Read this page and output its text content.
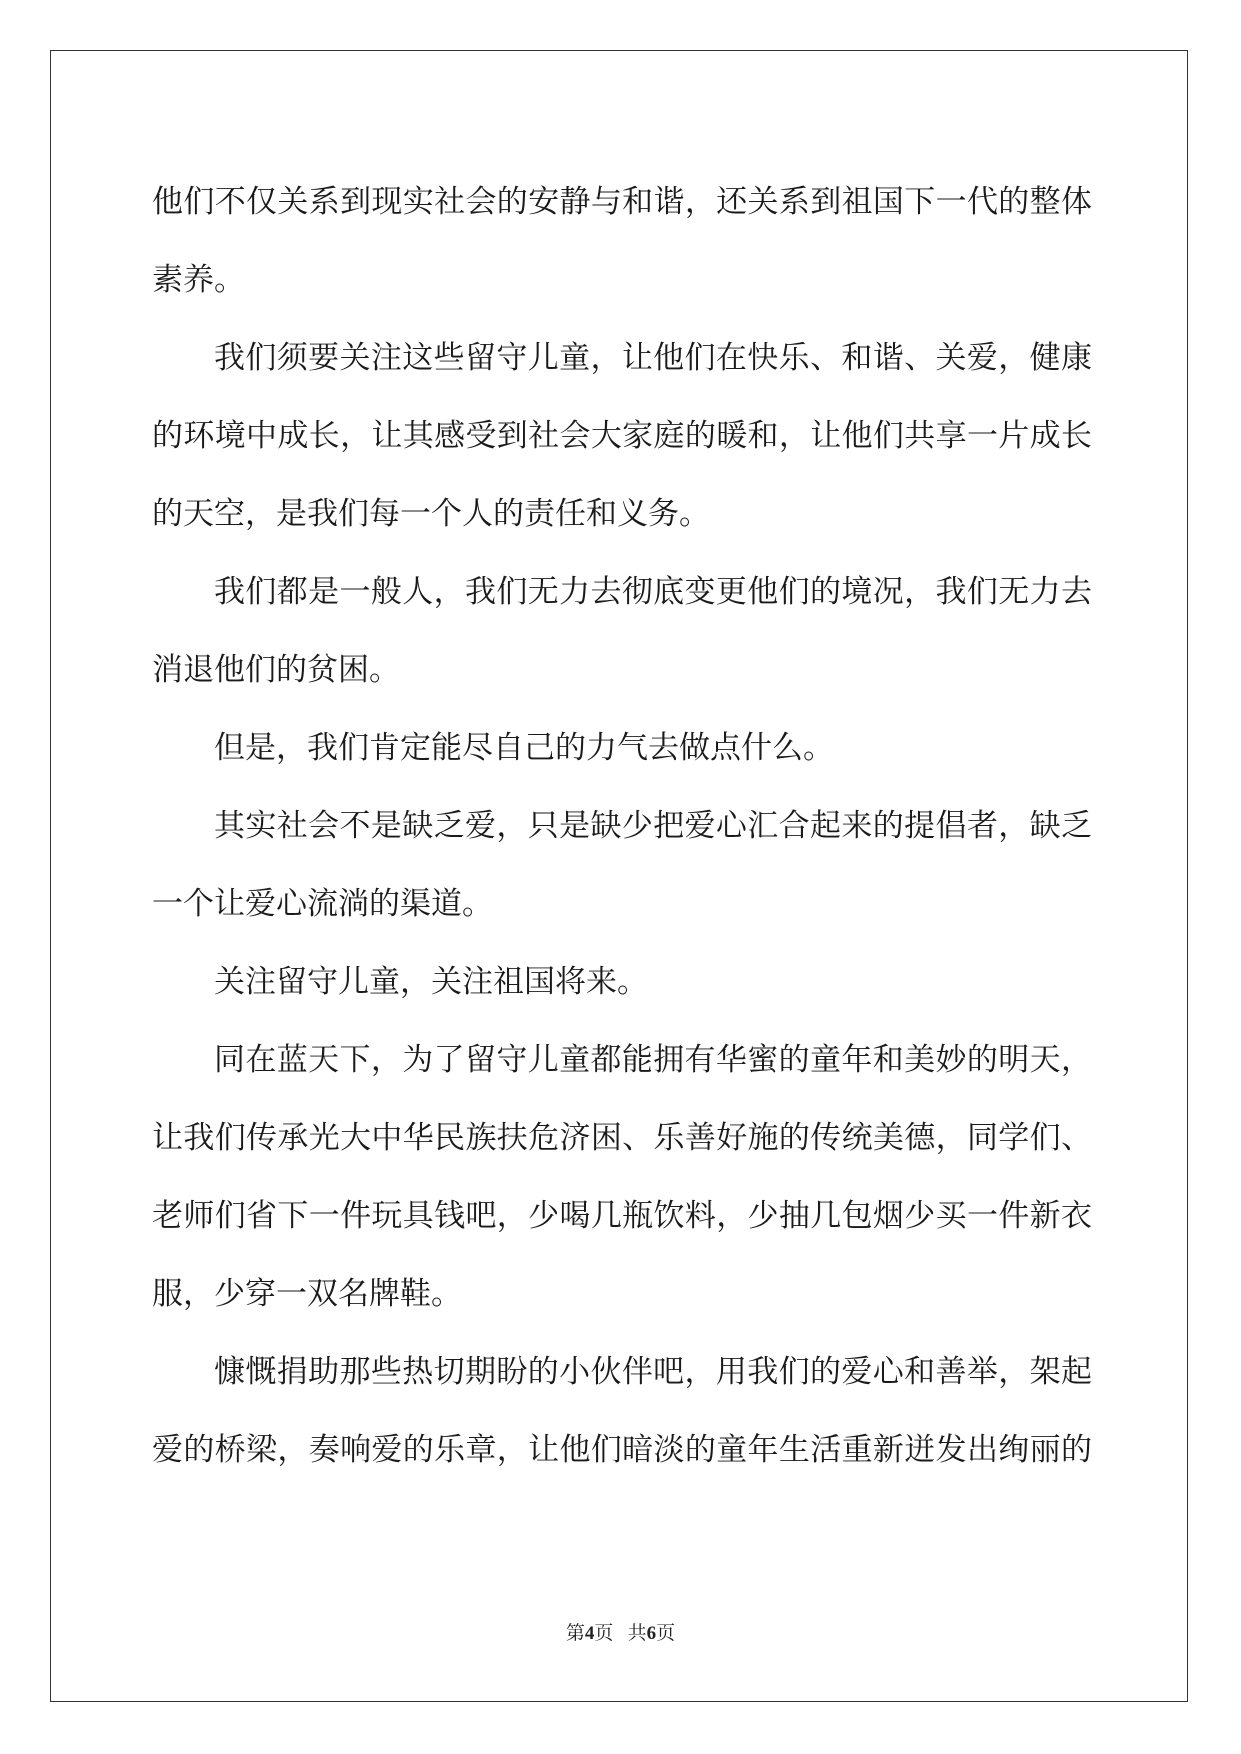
他们不仅关系到现实社会的安静与和谐，还关系到祖国下一代的整体
素养。
我们须要关注这些留守儿童，让他们在快乐、和谐、关爱，健康
的环境中成长，让其感受到社会大家庭的暖和，让他们共享一片成长
的天空，是我们每一个人的责任和义务。
我们都是一般人，我们无力去彻底变更他们的境况，我们无力去
消退他们的贫困。
但是，我们肯定能尽自己的力气去做点什么。
其实社会不是缺乏爱，只是缺少把爱心汇合起来的提倡者，缺乏
一个让爱心流淌的渠道。
关注留守儿童，关注祖国将来。
同在蓝天下，为了留守儿童都能拥有华蜜的童年和美妙的明天，
让我们传承光大中华民族扶危济困、乐善好施的传统美德，同学们、
老师们省下一件玩具钱吧，少喝几瓶饮料，少抽几包烟少买一件新衣
服，少穿一双名牌鞋。
慷慨捐助那些热切期盼的小伙伴吧，用我们的爱心和善举，架起
爱的桥梁，奏响爱的乐章，让他们暗淡的童年生活重新迸发出绚丽的
第4页 共6页
